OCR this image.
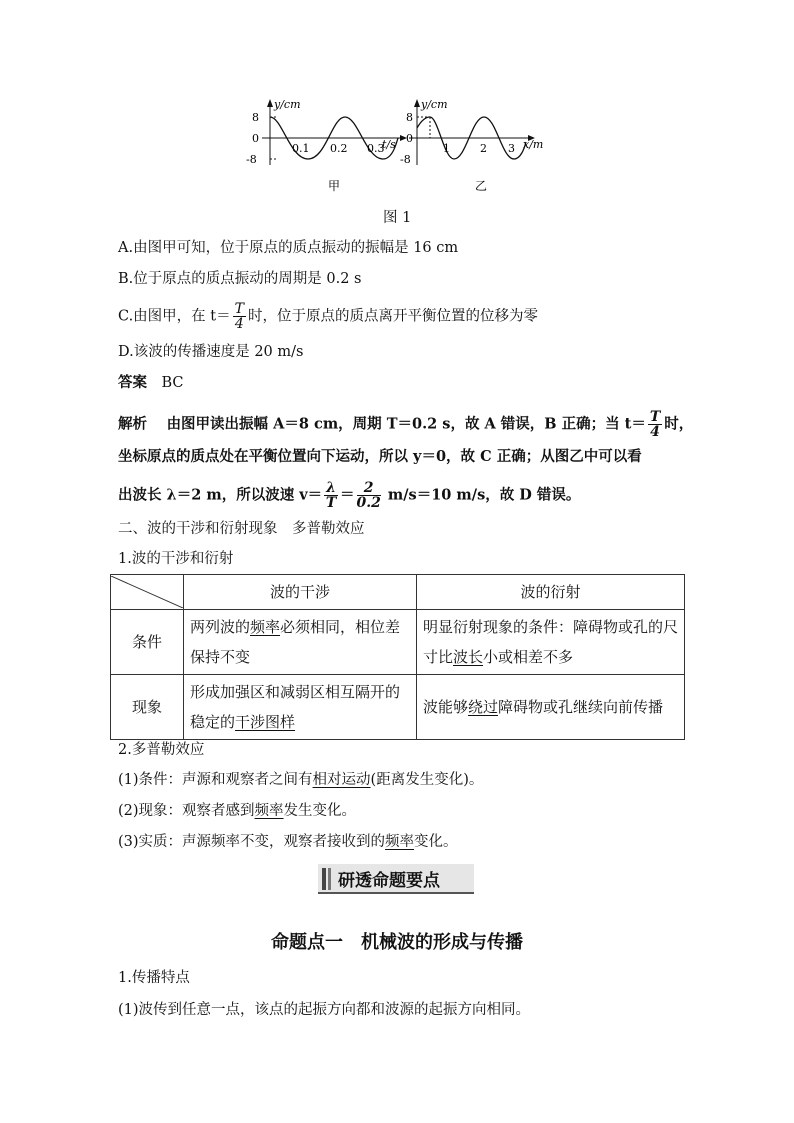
y/cm
8
0
-8
0.1 0.2 0.3
t/s
甲
y/cm
8
0
-8
1	2 3 x/m
乙
图 1
A.由图甲可知，位于原点的质点振动的振幅是 16 cm
B.位于原点的质点振动的周期是 0.2 s
C.由图甲，在 $t= \frac{T}{4}$ 时，位于原点的质点离开平衡位置的位移为零
D.该波的传播速度是 20 m/s
答案　 BC
解析　 由图甲读出振幅 A＝8 cm，周期 T＝0.2 s，故 A 错误，B 正确；当 $t= \frac{T}{4}$ 时，
坐标原点的质点处在平衡位置向下运动，所以 y＝0，故 C 正确；从图乙中可以看
出波长 λ＝2 m，所以波速 $v= \frac{\lambda}{T} = \frac{2}{0.2} m/s=10$ m/s，故 D 错误。
二、波的干涉和衍射现象　多普勒效应
1.波的干涉和衍射
	波的干涉	波的衍射
条件	两列波的频率必须相同，相位差保持不变	明显衍射现象的条件：障碍物或孔的尺寸比波长小或相差不多
现象	形成加强区和减弱区相互隔开的稳定的干涉图样	波能够绕过障碍物或孔继续向前传播
2.多普勒效应
(1)条件：声源和观察者之间有相对运动(距离发生变化)。
(2)现象：观察者感到频率发生变化。
(3)实质：声源频率不变，观察者接收到的频率变化。
研透命题要点
命题点一　机械波的形成与传播
1.传播特点
(1)波传到任意一点，该点的起振方向都和波源的起振方向相同。
